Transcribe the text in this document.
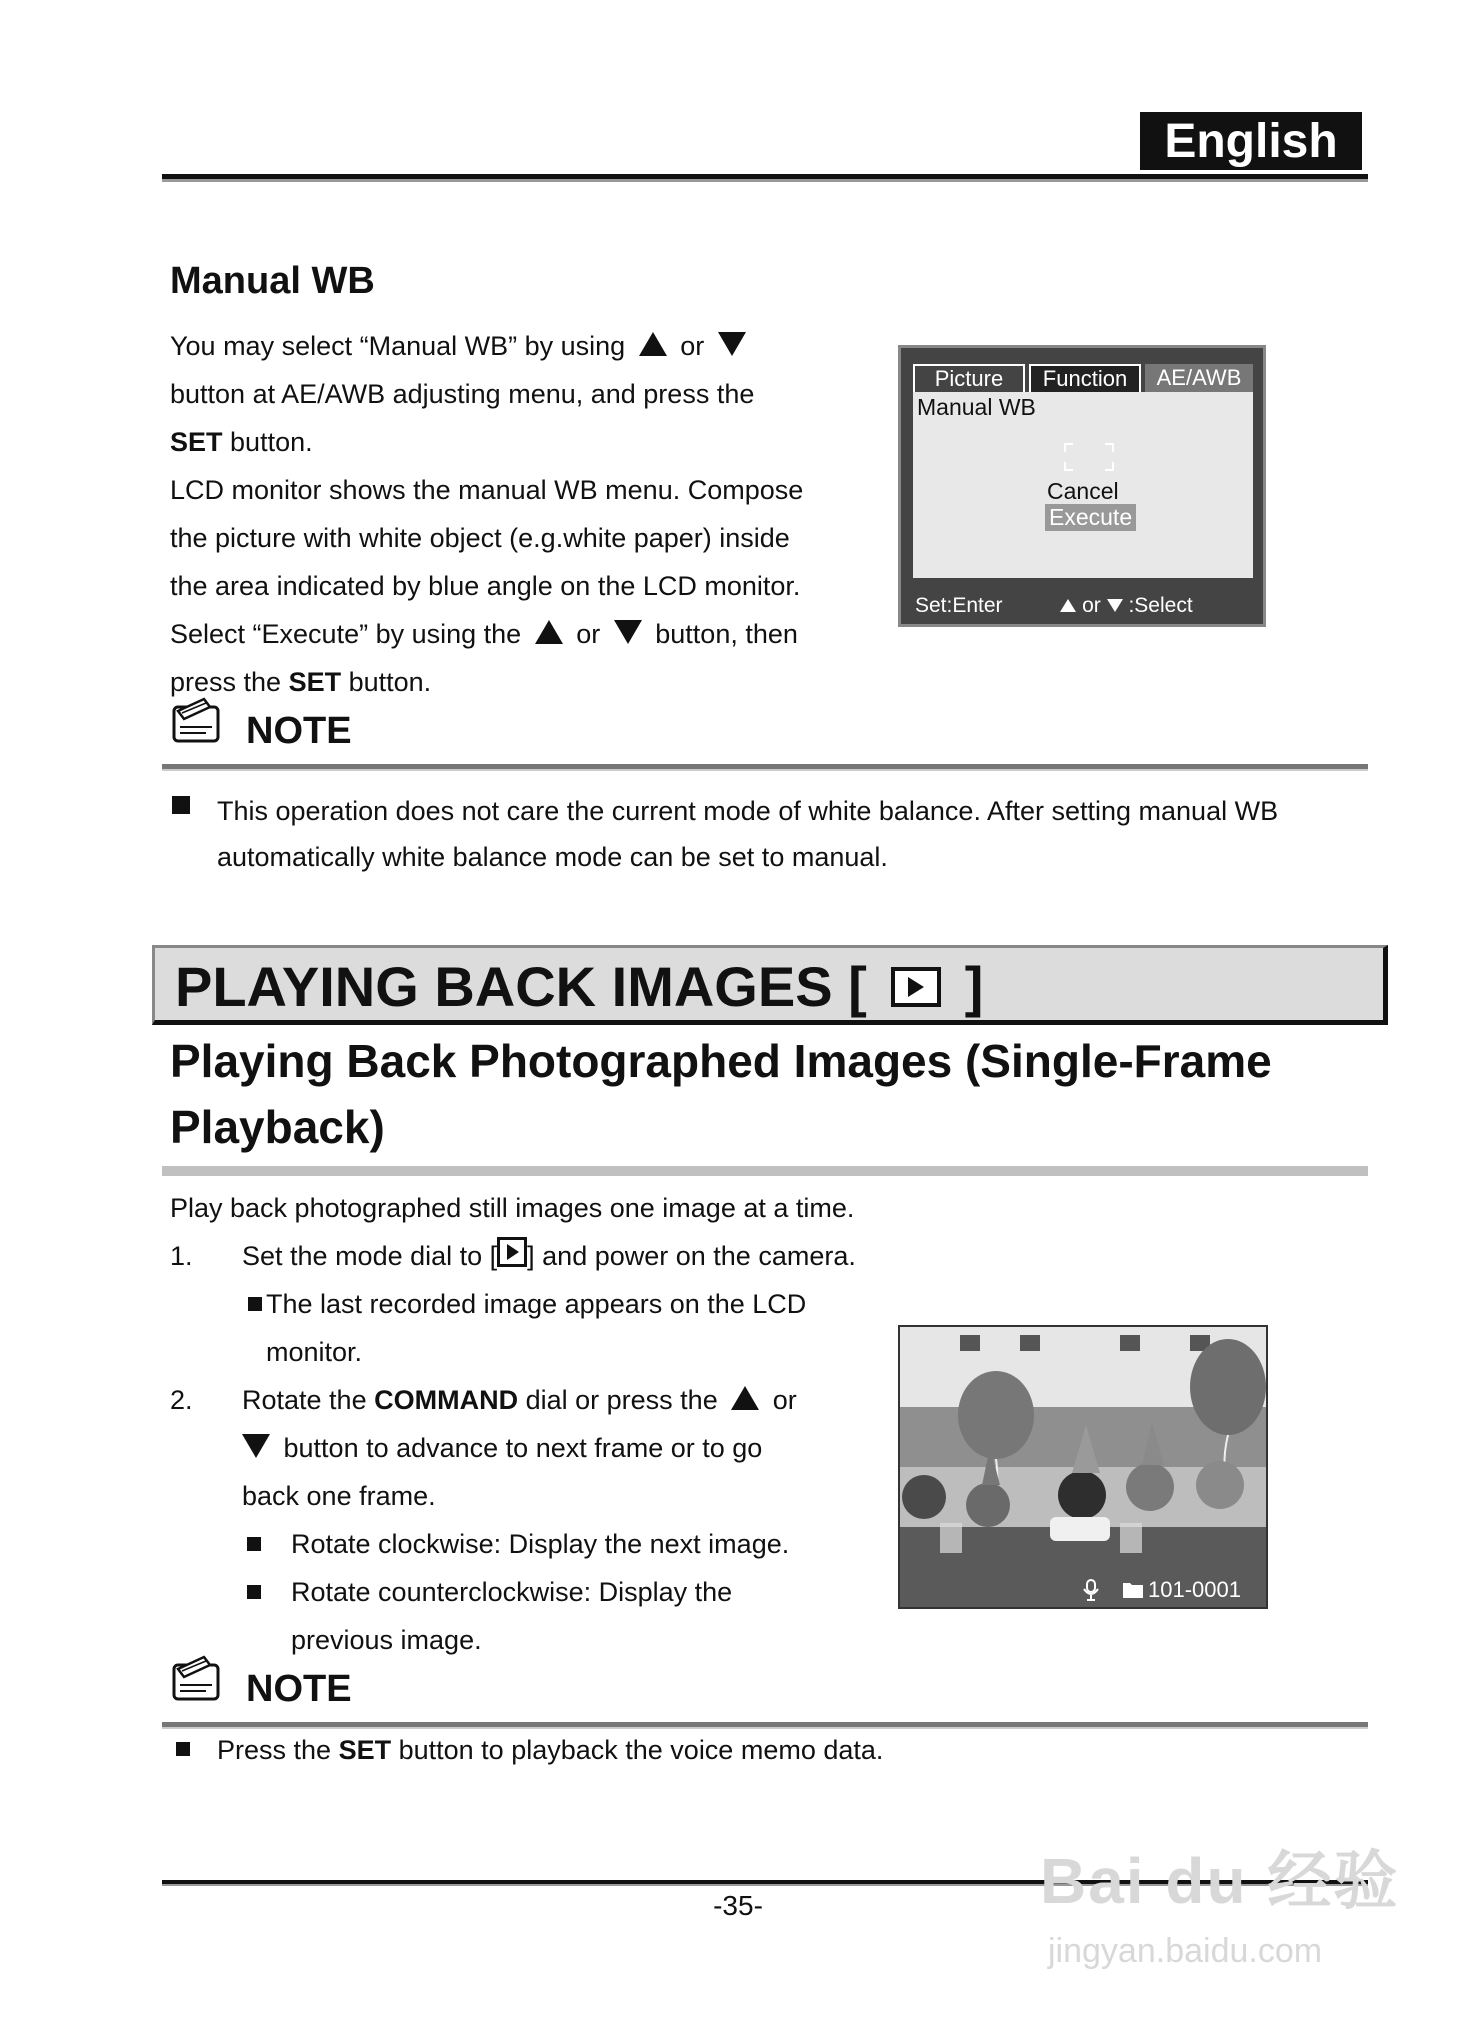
English
Manual WB
You may select “Manual WB” by using or
button at AE/AWB adjusting menu, and press the
SET button.
LCD monitor shows the manual WB menu. Compose
the picture with white object (e.g.white paper) inside
the area indicated by blue angle on the LCD monitor.
Select “Execute” by using the or button, then
press the SET button.
Picture	Function	AE/AWB
Manual WB
Cancel
Execute
Set:Enter	or :Select
NOTE
This operation does not care the current mode of white balance. After setting manual WB
automatically white balance mode can be set to manual.
PLAYING BACK IMAGES [ ]
Playing Back Photographed Images (Single-Frame
Playback)
Play back photographed still images one image at a time.
1. Set the mode dial to [ ] and power on the camera.
The last recorded image appears on the LCD
monitor.
2. Rotate the COMMAND dial or press the or
button to advance to next frame or to go
back one frame.
Rotate clockwise: Display the next image.
Rotate counterclockwise: Display the
previous image.
101-0001
NOTE
Press the SET button to playback the voice memo data.
-35-	Bai du 经验
jingyan.baidu.com
